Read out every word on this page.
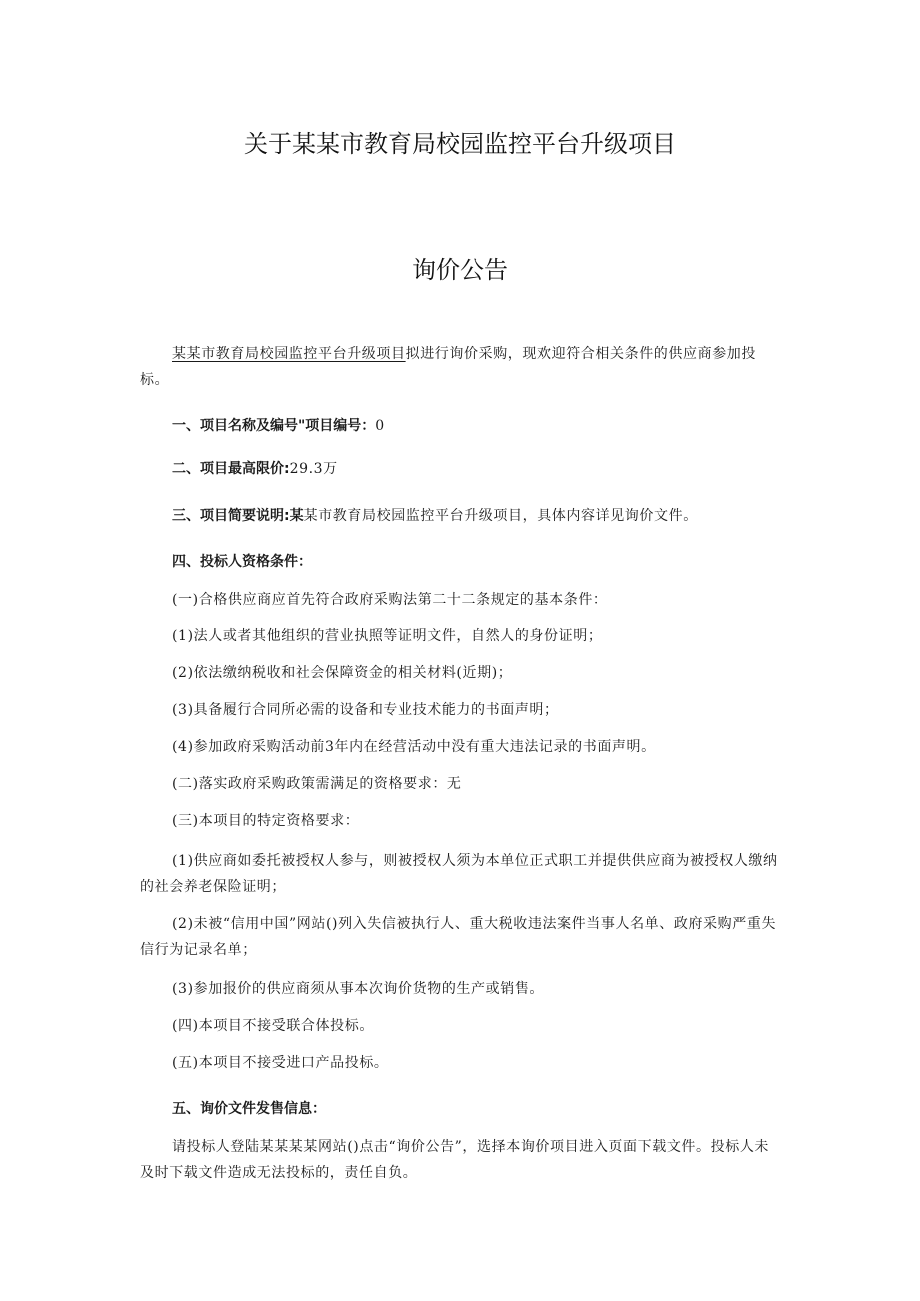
关于某某市教育局校园监控平台升级项目
询价公告

某某市教育局校园监控平台升级项目拟进行询价采购，现欢迎符合相关条件的供应商参加投标。

一、项目名称及编号"项目编号：0

二、项目最高限价:29.3万

三、项目简要说明:某某市教育局校园监控平台升级项目，具体内容详见询价文件。

四、投标人资格条件：

(一)合格供应商应首先符合政府采购法第二十二条规定的基本条件：

(1)法人或者其他组织的营业执照等证明文件，自然人的身份证明；

(2)依法缴纳税收和社会保障资金的相关材料(近期)；

(3)具备履行合同所必需的设备和专业技术能力的书面声明；

(4)参加政府采购活动前3年内在经营活动中没有重大违法记录的书面声明。

(二)落实政府采购政策需满足的资格要求：无

(三)本项目的特定资格要求：

(1)供应商如委托被授权人参与，则被授权人须为本单位正式职工并提供供应商为被授权人缴纳的社会养老保险证明；

(2)未被“信用中国”网站()列入失信被执行人、重大税收违法案件当事人名单、政府采购严重失信行为记录名单；

(3)参加报价的供应商须从事本次询价货物的生产或销售。

(四)本项目不接受联合体投标。

(五)本项目不接受进口产品投标。

五、询价文件发售信息：

请投标人登陆某某某某网站()点击“询价公告”，选择本询价项目进入页面下载文件。投标人未及时下载文件造成无法投标的，责任自负。
